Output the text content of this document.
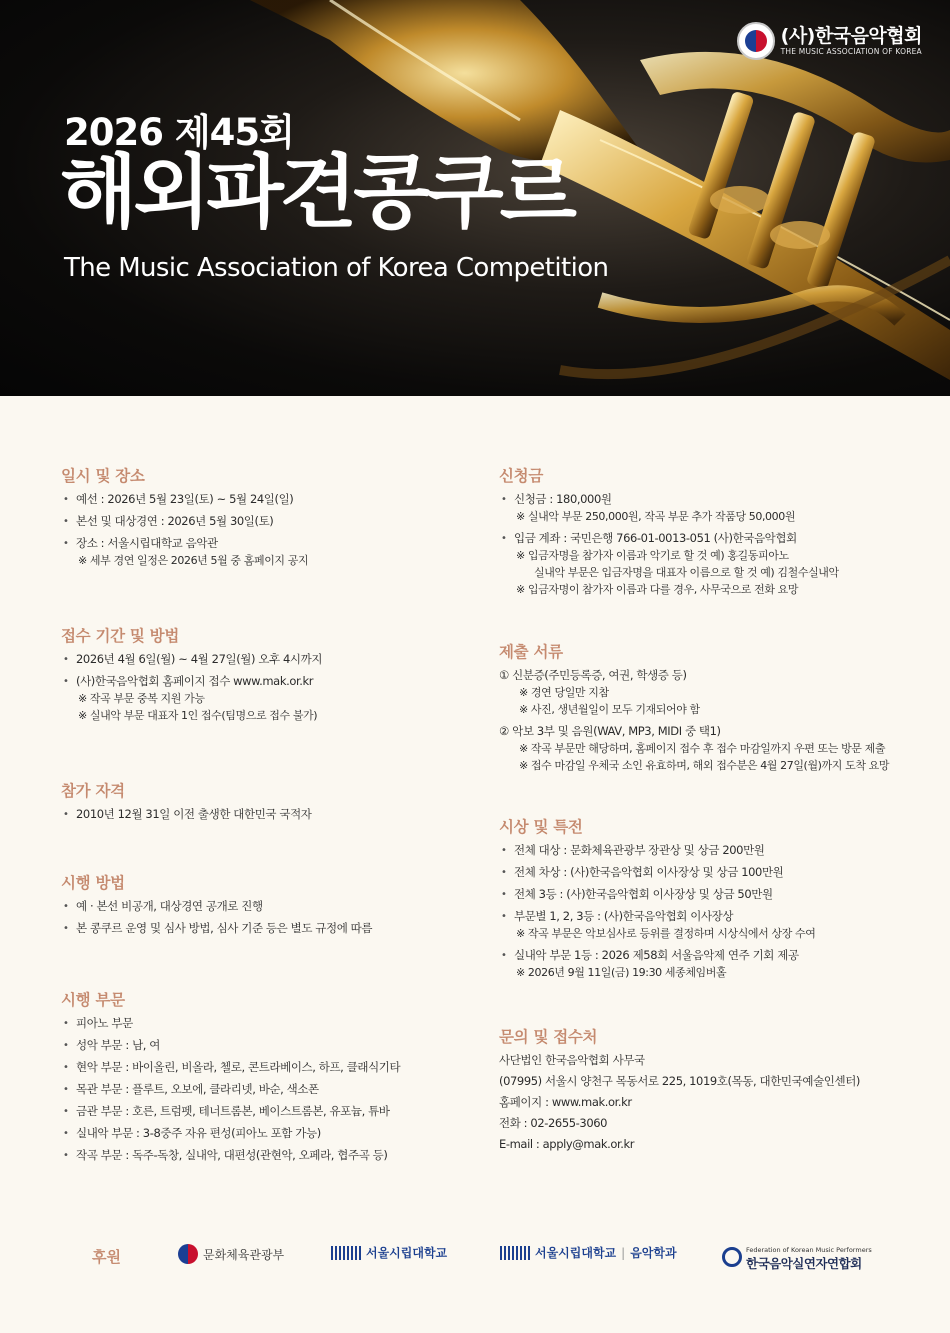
(사)한국음악협회
THE MUSIC ASSOCIATION OF KOREA
2026 제45회
해외파견콩쿠르
The Music Association of Korea Competition
일시 및 장소
• 예선 : 2026년 5월 23일(토) ~ 5월 24일(일)
• 본선 및 대상경연 : 2026년 5월 30일(토)
• 장소 : 서울시립대학교 음악관
※ 세부 경연 일정은 2026년 5월 중 홈페이지 공지
접수 기간 및 방법
• 2026년 4월 6일(월) ~ 4월 27일(월) 오후 4시까지
• (사)한국음악협회 홈페이지 접수 www.mak.or.kr
※ 작곡 부문 중복 지원 가능
※ 실내악 부문 대표자 1인 접수(팀명으로 접수 불가)
참가 자격
• 2010년 12월 31일 이전 출생한 대한민국 국적자
시행 방법
• 예 · 본선 비공개, 대상경연 공개로 진행
• 본 콩쿠르 운영 및 심사 방법, 심사 기준 등은 별도 규정에 따름
시행 부문
• 피아노 부문
• 성악 부문 : 남, 여
• 현악 부문 : 바이올린, 비올라, 첼로, 콘트라베이스, 하프, 클래식기타
• 목관 부문 : 플루트, 오보에, 클라리넷, 바순, 색소폰
• 금관 부문 : 호른, 트럼펫, 테너트롬본, 베이스트롬본, 유포늄, 튜바
• 실내악 부문 : 3-8중주 자유 편성(피아노 포함 가능)
• 작곡 부문 : 독주-독창, 실내악, 대편성(관현악, 오페라, 협주곡 등)
신청금
• 신청금 : 180,000원
※ 실내악 부문 250,000원, 작곡 부문 추가 작품당 50,000원
• 입금 계좌 : 국민은행 766-01-0013-051 (사)한국음악협회
※ 입금자명을 참가자 이름과 악기로 할 것 예) 홍길동피아노
실내악 부문은 입금자명을 대표자 이름으로 할 것 예) 김철수실내악
※ 입금자명이 참가자 이름과 다를 경우, 사무국으로 전화 요망
제출 서류
① 신분증(주민등록증, 여권, 학생증 등)
※ 경연 당일만 지참
※ 사진, 생년월일이 모두 기재되어야 함
② 악보 3부 및 음원(WAV, MP3, MIDI 중 택1)
※ 작곡 부문만 해당하며, 홈페이지 접수 후 접수 마감일까지 우편 또는 방문 제출
※ 접수 마감일 우체국 소인 유효하며, 해외 접수분은 4월 27일(월)까지 도착 요망
시상 및 특전
• 전체 대상 : 문화체육관광부 장관상 및 상금 200만원
• 전체 차상 : (사)한국음악협회 이사장상 및 상금 100만원
• 전체 3등 : (사)한국음악협회 이사장상 및 상금 50만원
• 부문별 1, 2, 3등 : (사)한국음악협회 이사장상
※ 작곡 부문은 악보심사로 등위를 결정하며 시상식에서 상장 수여
• 실내악 부문 1등 : 2026 제58회 서울음악제 연주 기회 제공
※ 2026년 9월 11일(금) 19:30 세종체임버홀
문의 및 접수처
사단법인 한국음악협회 사무국
(07995) 서울시 양천구 목동서로 225, 1019호(목동, 대한민국예술인센터)
홈페이지 : www.mak.or.kr
전화 : 02-2655-3060
E-mail : apply@mak.or.kr
후원	문화체육관광부	서울시립대학교	서울시립대학교 | 음악학과	Federation of Korean Music Performers
한국음악실연자연합회
